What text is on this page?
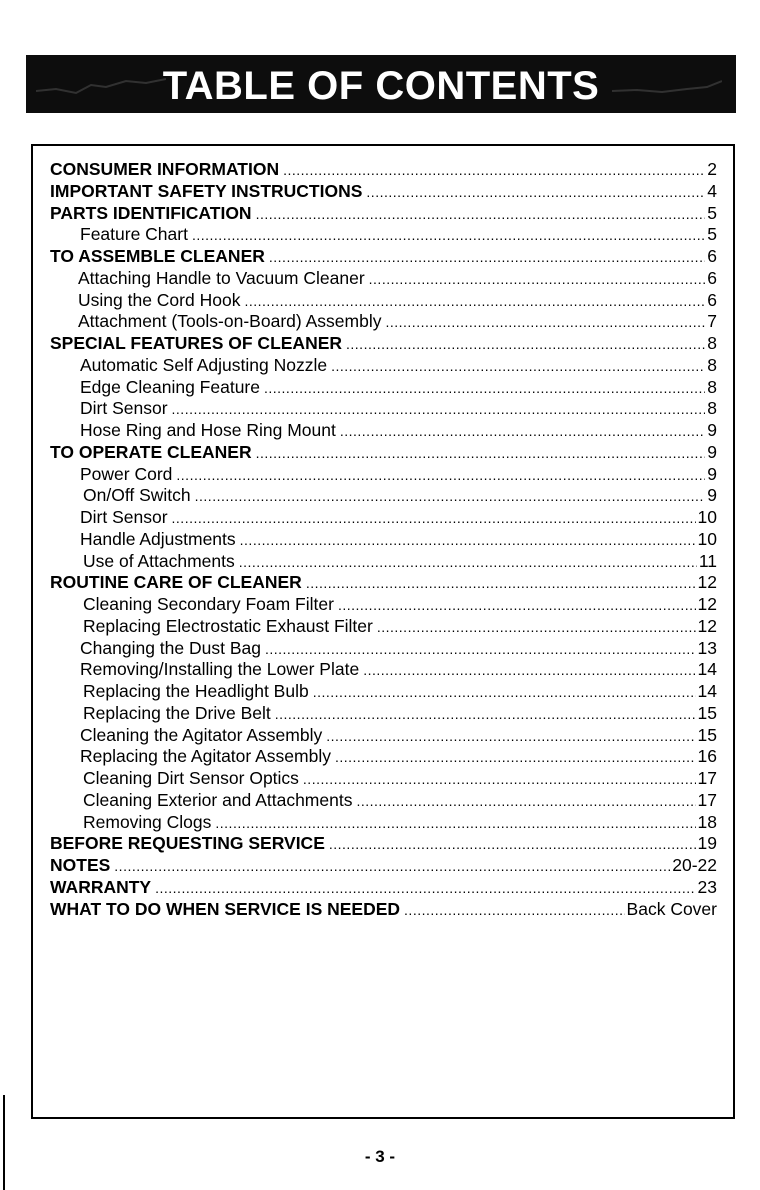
TABLE OF CONTENTS
CONSUMER INFORMATION .....	2
IMPORTANT SAFETY INSTRUCTIONS .....	4
PARTS IDENTIFICATION .....	5
Feature Chart .....	5
TO ASSEMBLE CLEANER .....	6
Attaching Handle to Vacuum Cleaner .....	6
Using the Cord Hook .....	6
Attachment (Tools-on-Board) Assembly .....	7
SPECIAL FEATURES OF CLEANER .....	8
Automatic Self Adjusting Nozzle .....	8
Edge Cleaning Feature .....	8
Dirt Sensor .....	8
Hose Ring and Hose Ring Mount .....	9
TO OPERATE CLEANER .....	9
Power Cord .....	9
On/Off Switch .....	9
Dirt Sensor .....	10
Handle Adjustments .....	10
Use of Attachments .....	11
ROUTINE CARE OF CLEANER .....	12
Cleaning Secondary Foam Filter .....	12
Replacing Electrostatic Exhaust Filter .....	12
Changing the Dust Bag .....	13
Removing/Installing the Lower Plate .....	14
Replacing the Headlight Bulb .....	14
Replacing the Drive Belt .....	15
Cleaning the Agitator Assembly .....	15
Replacing the Agitator Assembly .....	16
Cleaning Dirt Sensor Optics .....	17
Cleaning Exterior and Attachments .....	17
Removing Clogs .....	18
BEFORE REQUESTING SERVICE .....	19
NOTES .....	20-22
WARRANTY .....	23
WHAT TO DO WHEN SERVICE IS NEEDED .....	Back Cover
- 3 -
